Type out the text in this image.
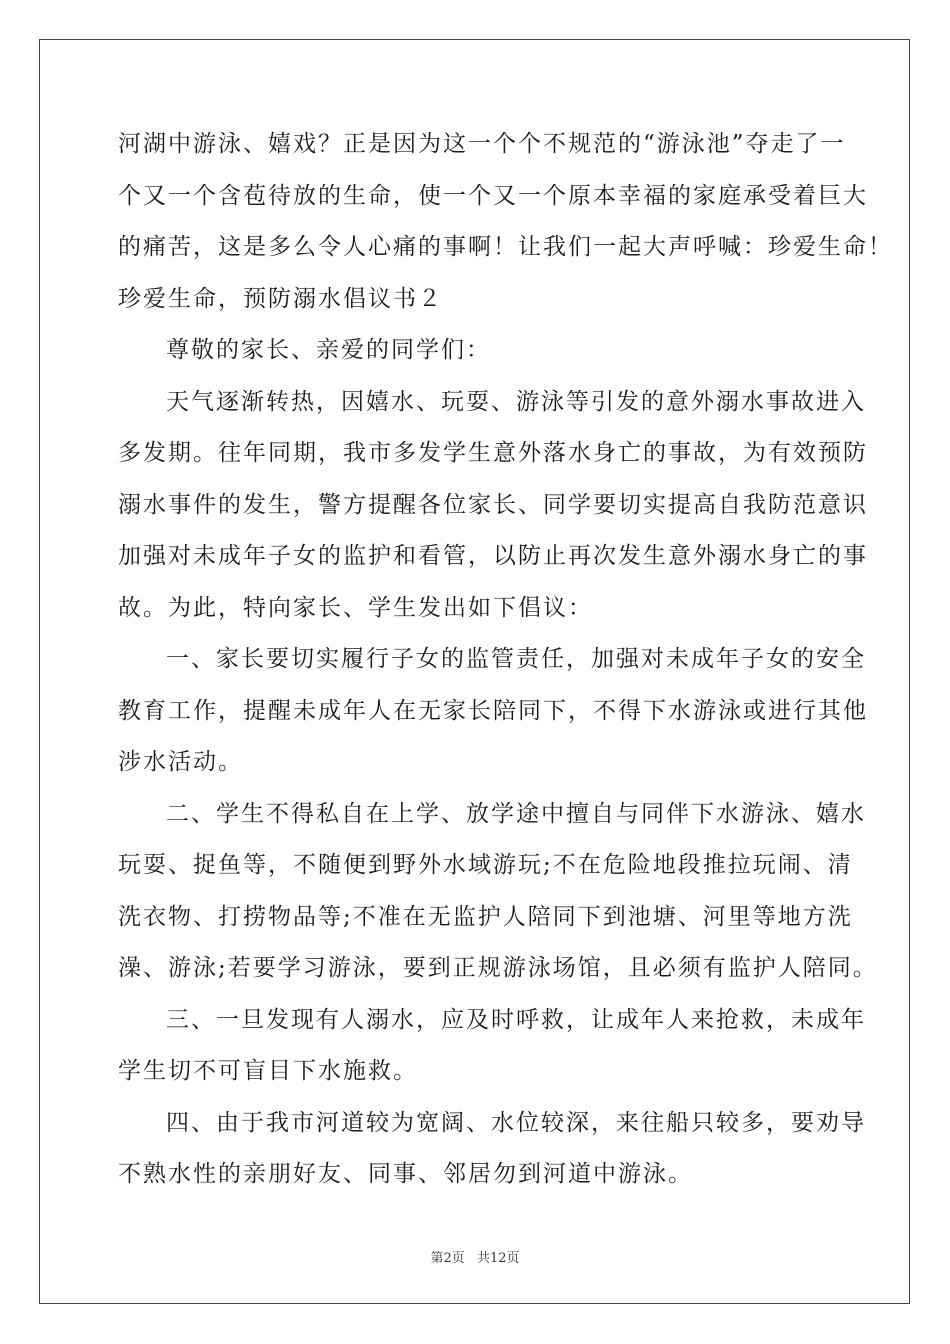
河湖中游泳、嬉戏？正是因为这一个个不规范的“游泳池”夺走了一
个又一个含苞待放的生命，使一个又一个原本幸福的家庭承受着巨大
的痛苦，这是多么令人心痛的事啊！让我们一起大声呼喊：珍爱生命！
珍爱生命，预防溺水倡议书２
尊敬的家长、亲爱的同学们：
天气逐渐转热，因嬉水、玩耍、游泳等引发的意外溺水事故进入
多发期。往年同期，我市多发学生意外落水身亡的事故，为有效预防
溺水事件的发生，警方提醒各位家长、同学要切实提高自我防范意识
加强对未成年子女的监护和看管，以防止再次发生意外溺水身亡的事
故。为此，特向家长、学生发出如下倡议：
一、家长要切实履行子女的监管责任，加强对未成年子女的安全
教育工作，提醒未成年人在无家长陪同下，不得下水游泳或进行其他
涉水活动。
二、学生不得私自在上学、放学途中擅自与同伴下水游泳、嬉水
玩耍、捉鱼等，不随便到野外水域游玩;不在危险地段推拉玩闹、清
洗衣物、打捞物品等;不准在无监护人陪同下到池塘、河里等地方洗
澡、游泳;若要学习游泳，要到正规游泳场馆，且必须有监护人陪同。
三、一旦发现有人溺水，应及时呼救，让成年人来抢救，未成年
学生切不可盲目下水施救。
四、由于我市河道较为宽阔、水位较深，来往船只较多，要劝导
不熟水性的亲朋好友、同事、邻居勿到河道中游泳。
第2页 共12页
